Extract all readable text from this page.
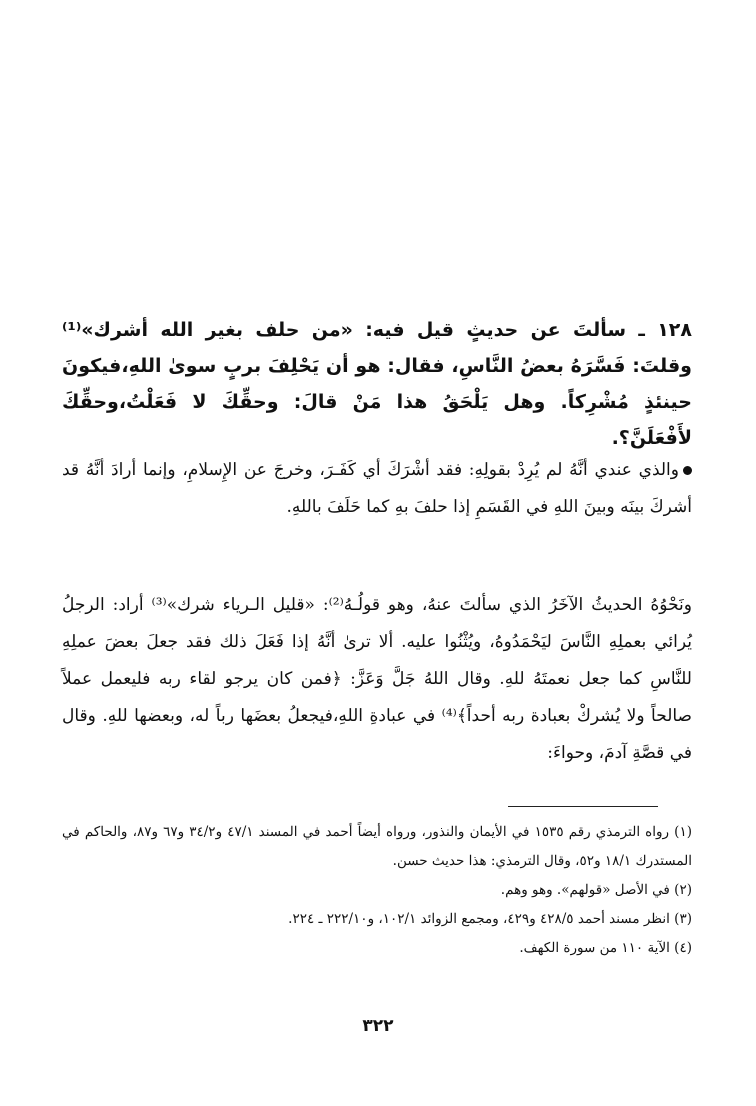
١٢٨ ـ سألتَ عن حديثٍ قيل فيه: «من حلف بغير الله أشرك»⁽¹⁾ وقلتَ: فَسَّرَهُ بعضُ النَّاسِ، فقال: هو أن يَحْلِفَ بربٍ سوىٰ اللهِ،فيكونَ حينئذٍ مُشْرِكاً. وهل يَلْحَقُ هذا مَنْ قالَ: وحقِّكَ لا فَعَلْتُ،وحقِّكَ لأَفْعَلَنَّ؟.
والذي عندي أنَّهُ لم يُرِدْ بقولِهِ: فقد أشْرَكَ أي كَفَـرَ، وخرجَ عن الإِسلامِ، وإنما أرادَ أنَّهُ قد أشركَ بينَه وبينَ اللهِ في القَسَمِ إذا حلفَ بهِ كما حَلَفَ باللهِ.
ونَحْوُهُ الحديثُ الآخَرُ الذي سألتَ عنهُ، وهو قولُـهُ⁽²⁾: «قليل الـرياء شرك»⁽³⁾ أراد: الرجلُ يُرائي بعملِهِ النَّاسَ ليَحْمَدُوهُ، ويُثْنُوا عليه. ألا ترىٰ أنَّهُ إذا فَعَلَ ذلك فقد جعلَ بعضَ عملِهِ للنَّاسِ كما جعل نعمتَهُ للهِ. وقال اللهُ جَلَّ وَعَزَّ: ﴿فمن كان يرجو لقاء ربه فليعمل عملاً صالحاً ولا يُشركْ بعبادة ربه أحداً﴾⁽⁴⁾ في عبادةِ اللهِ،فيجعلُ بعضَها رباً له، وبعضها للهِ. وقال في قصَّةِ آدمَ، وحواءَ:

(١) رواه الترمذي رقم ١٥٣٥ في الأيمان والنذور، ورواه أيضاً أحمد في المسند ٤٧/١ و٣٤/٢ و٦٧ و٨٧، والحاكم في المستدرك ١٨/١ و٥٢، وقال الترمذي: هذا حديث حسن.

(٢) في الأصل «قولهم». وهو وهم.

(٣) انظر مسند أحمد ٤٢٨/٥ و٤٢٩، ومجمع الزوائد ١٠٢/١، و٢٢٢/١٠ ـ ٢٢٤.

(٤) الآية ١١٠ من سورة الكهف.

٣٢٢
